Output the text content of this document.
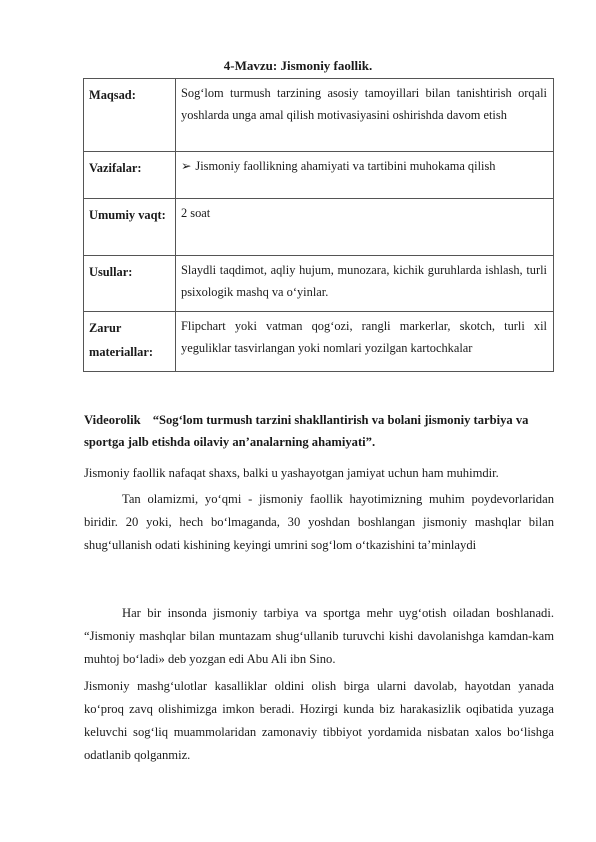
4-Mavzu: Jismoniy faollik.
Maqsad:	Sog‘lom turmush tarzining asosiy tamoyillari bilan tanishtirish orqali yoshlarda unga amal qilish motivasiyasini oshirishda davom etish
Vazifalar:	➢ Jismoniy faollikning ahamiyati va tartibini muhokama qilish
Umumiy vaqt:	2 soat
Usullar:	Slaydli taqdimot, aqliy hujum, munozara, kichik guruhlarda ishlash, turli psixologik mashq va o‘yinlar.
Zarur materiallar:	Flipchart yoki vatman qog‘ozi, rangli markerlar, skotch, turli xil yeguliklar tasvirlangan yoki nomlari yozilgan kartochkalar
Videorolik “Sog‘lom turmush tarzini shakllantirish va bolani jismoniy tarbiya va sportga jalb etishda oilaviy an’analarning ahamiyati”.
Jismoniy faollik nafaqat shaxs, balki u yashayotgan jamiyat uchun ham muhimdir.
Tan olamizmi, yo‘qmi - jismoniy faollik hayotimizning muhim poydevorlaridan biridir. 20 yoki, hech bo‘lmaganda, 30 yoshdan boshlangan jismoniy mashqlar bilan shug‘ullanish odati kishining keyingi umrini sog‘lom o‘tkazishini ta’minlaydi
Har bir insonda jismoniy tarbiya va sportga mehr uyg‘otish oiladan boshlanadi. “Jismoniy mashqlar bilan muntazam shug‘ullanib turuvchi kishi davolanishga kamdan-kam muhtoj bo‘ladi» deb yozgan edi Abu Ali ibn Sino.
Jismoniy mashg‘ulotlar kasalliklar oldini olish birga ularni davolab, hayotdan yanada ko‘proq zavq olishimizga imkon beradi. Hozirgi kunda biz harakasizlik oqibatida yuzaga keluvchi sog‘liq muammolaridan zamonaviy tibbiyot yordamida nisbatan xalos bo‘lishga odatlanib qolganmiz.
